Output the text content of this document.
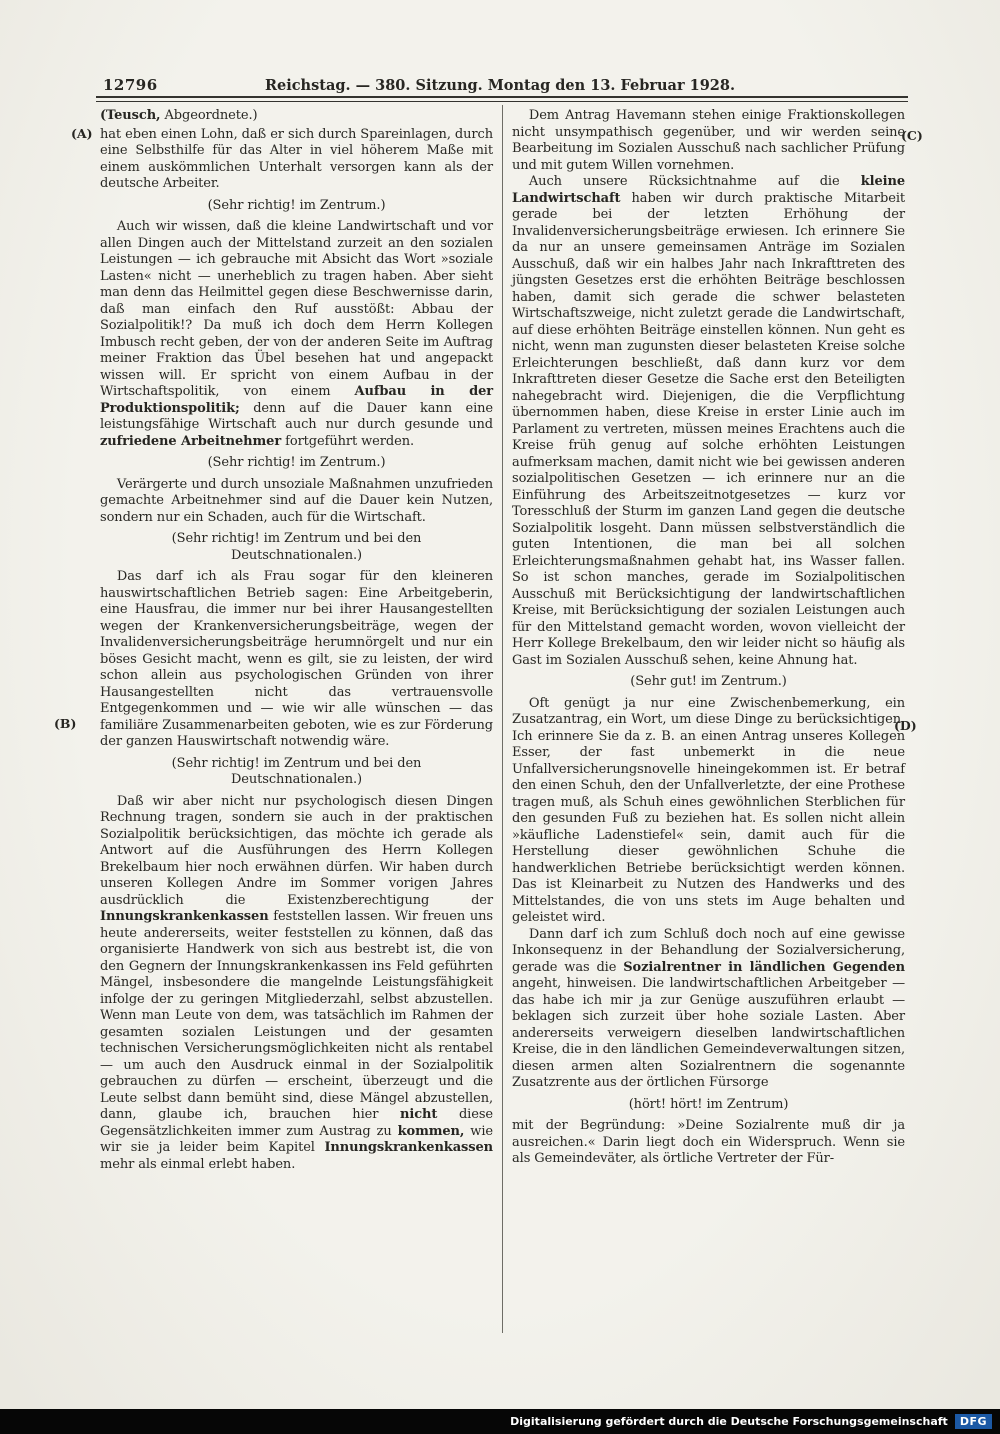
12796	Reichstag. — 380. Sitzung. Montag den 13. Februar 1928.
(A)
(B)
(C)
(D)
(Teusch, Abgeordnete.)
hat eben einen Lohn, daß er sich durch Spareinlagen, durch eine Selbsthilfe für das Alter in viel höherem Maße mit einem auskömmlichen Unterhalt versorgen kann als der deutsche Arbeiter.
(Sehr richtig! im Zentrum.)
Auch wir wissen, daß die kleine Landwirtschaft und vor allen Dingen auch der Mittelstand zurzeit an den sozialen Leistungen — ich gebrauche mit Absicht das Wort »soziale Lasten« nicht — unerheblich zu tragen haben. Aber sieht man denn das Heilmittel gegen diese Beschwernisse darin, daß man einfach den Ruf ausstößt: Abbau der Sozialpolitik!? Da muß ich doch dem Herrn Kollegen Imbusch recht geben, der von der anderen Seite im Auftrag meiner Fraktion das Übel besehen hat und angepackt wissen will. Er spricht von einem Aufbau in der Wirtschaftspolitik, von einem Aufbau in der Produktionspolitik; denn auf die Dauer kann eine leistungsfähige Wirtschaft auch nur durch gesunde und zufriedene Arbeitnehmer fortgeführt werden.
(Sehr richtig! im Zentrum.)
Verärgerte und durch unsoziale Maßnahmen unzufrieden gemachte Arbeitnehmer sind auf die Dauer kein Nutzen, sondern nur ein Schaden, auch für die Wirtschaft.
(Sehr richtig! im Zentrum und bei den Deutschnationalen.)
Das darf ich als Frau sogar für den kleineren hauswirtschaftlichen Betrieb sagen: Eine Arbeitgeberin, eine Hausfrau, die immer nur bei ihrer Hausangestellten wegen der Krankenversicherungsbeiträge, wegen der Invalidenversicherungsbeiträge herumnörgelt und nur ein böses Gesicht macht, wenn es gilt, sie zu leisten, der wird schon allein aus psychologischen Gründen von ihrer Hausangestellten nicht das vertrauensvolle Entgegenkommen und — wie wir alle wünschen — das familiäre Zusammenarbeiten geboten, wie es zur Förderung der ganzen Hauswirtschaft notwendig wäre.
(Sehr richtig! im Zentrum und bei den Deutschnationalen.)
Daß wir aber nicht nur psychologisch diesen Dingen Rechnung tragen, sondern sie auch in der praktischen Sozialpolitik berücksichtigen, das möchte ich gerade als Antwort auf die Ausführungen des Herrn Kollegen Brekelbaum hier noch erwähnen dürfen. Wir haben durch unseren Kollegen Andre im Sommer vorigen Jahres ausdrücklich die Existenzberechtigung der Innungskrankenkassen feststellen lassen. Wir freuen uns heute andererseits, weiter feststellen zu können, daß das organisierte Handwerk von sich aus bestrebt ist, die von den Gegnern der Innungskrankenkassen ins Feld geführten Mängel, insbesondere die mangelnde Leistungsfähigkeit infolge der zu geringen Mitgliederzahl, selbst abzustellen. Wenn man Leute von dem, was tatsächlich im Rahmen der gesamten sozialen Leistungen und der gesamten technischen Versicherungsmöglichkeiten nicht als rentabel — um auch den Ausdruck einmal in der Sozialpolitik gebrauchen zu dürfen — erscheint, überzeugt und die Leute selbst dann bemüht sind, diese Mängel abzustellen, dann, glaube ich, brauchen hier nicht diese Gegensätzlichkeiten immer zum Austrag zu kommen, wie wir sie ja leider beim Kapitel Innungskrankenkassen mehr als einmal erlebt haben.
Dem Antrag Havemann stehen einige Fraktionskollegen nicht unsympathisch gegenüber, und wir werden seine Bearbeitung im Sozialen Ausschuß nach sachlicher Prüfung und mit gutem Willen vornehmen.
Auch unsere Rücksichtnahme auf die kleine Landwirtschaft haben wir durch praktische Mitarbeit gerade bei der letzten Erhöhung der Invalidenversicherungsbeiträge erwiesen. Ich erinnere Sie da nur an unsere gemeinsamen Anträge im Sozialen Ausschuß, daß wir ein halbes Jahr nach Inkrafttreten des jüngsten Gesetzes erst die erhöhten Beiträge beschlossen haben, damit sich gerade die schwer belasteten Wirtschaftszweige, nicht zuletzt gerade die Landwirtschaft, auf diese erhöhten Beiträge einstellen können. Nun geht es nicht, wenn man zugunsten dieser belasteten Kreise solche Erleichterungen beschließt, daß dann kurz vor dem Inkrafttreten dieser Gesetze die Sache erst den Beteiligten nahegebracht wird. Diejenigen, die die Verpflichtung übernommen haben, diese Kreise in erster Linie auch im Parlament zu vertreten, müssen meines Erachtens auch die Kreise früh genug auf solche erhöhten Leistungen aufmerksam machen, damit nicht wie bei gewissen anderen sozialpolitischen Gesetzen — ich erinnere nur an die Einführung des Arbeitszeitnotgesetzes — kurz vor Toresschluß der Sturm im ganzen Land gegen die deutsche Sozialpolitik losgeht. Dann müssen selbstverständlich die guten Intentionen, die man bei all solchen Erleichterungsmaßnahmen gehabt hat, ins Wasser fallen. So ist schon manches, gerade im Sozialpolitischen Ausschuß mit Berücksichtigung der landwirtschaftlichen Kreise, mit Berücksichtigung der sozialen Leistungen auch für den Mittelstand gemacht worden, wovon vielleicht der Herr Kollege Brekelbaum, den wir leider nicht so häufig als Gast im Sozialen Ausschuß sehen, keine Ahnung hat.
(Sehr gut! im Zentrum.)
Oft genügt ja nur eine Zwischenbemerkung, ein Zusatzantrag, ein Wort, um diese Dinge zu berücksichtigen. Ich erinnere Sie da z. B. an einen Antrag unseres Kollegen Esser, der fast unbemerkt in die neue Unfallversicherungsnovelle hineingekommen ist. Er betraf den einen Schuh, den der Unfallverletzte, der eine Prothese tragen muß, als Schuh eines gewöhnlichen Sterblichen für den gesunden Fuß zu beziehen hat. Es sollen nicht allein »käufliche Ladenstiefel« sein, damit auch für die Herstellung dieser gewöhnlichen Schuhe die handwerklichen Betriebe berücksichtigt werden können. Das ist Kleinarbeit zu Nutzen des Handwerks und des Mittelstandes, die von uns stets im Auge behalten und geleistet wird.
Dann darf ich zum Schluß doch noch auf eine gewisse Inkonsequenz in der Behandlung der Sozialversicherung, gerade was die Sozialrentner in ländlichen Gegenden angeht, hinweisen. Die landwirtschaftlichen Arbeitgeber — das habe ich mir ja zur Genüge auszuführen erlaubt — beklagen sich zurzeit über hohe soziale Lasten. Aber andererseits verweigern dieselben landwirtschaftlichen Kreise, die in den ländlichen Gemeindeverwaltungen sitzen, diesen armen alten Sozialrentnern die sogenannte Zusatzrente aus der örtlichen Fürsorge
(hört! hört! im Zentrum)
mit der Begründung: »Deine Sozialrente muß dir ja ausreichen.« Darin liegt doch ein Widerspruch. Wenn sie als Gemeindeväter, als örtliche Vertreter der Für-
Digitalisierung gefördert durch die Deutsche Forschungsgemeinschaft	DFG
